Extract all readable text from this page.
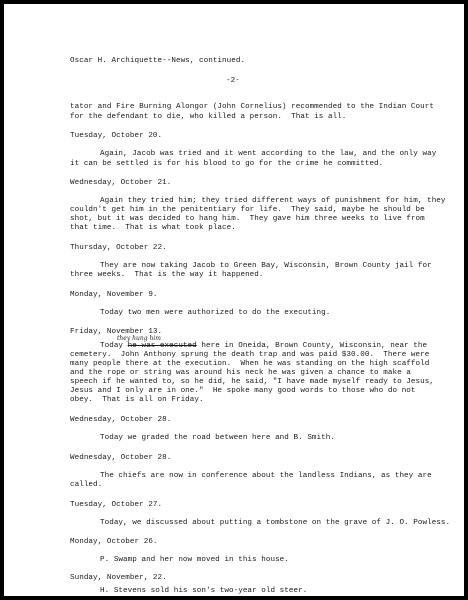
Oscar H. Archiquette--News, continued.
-2-
tator and Fire Burning Alongor (John Cornelius) recommended to the Indian Court
for the defendant to die, who killed a person.  That is all.
Tuesday, October 20.
Again, Jacob was tried and it went according to the law, and the only way
it can be settled is for his blood to go for the crime he committed.
Wednesday, October 21.
Again they tried him; they tried different ways of punishment for him, they
couldn't get him in the penitentiary for life.  They said, maybe he should be
shot, but it was decided to hang him.  They gave him three weeks to live from
that time.  That is what took place.
Thursday, October 22.
They are now taking Jacob to Green Bay, Wisconsin, Brown County jail for
three weeks.  That is the way it happened.
Monday, November 9.
Today two men were authorized to do the executing.
Friday, November 13.
they hung him
Today he was executed here in Oneida, Brown County, Wisconsin, near the
cemetery.  John Anthony sprung the death trap and was paid $30.00.  There were
many people there at the execution.  When he was standing on the high scaffold
and the rope or string was around his neck he was given a chance to make a
speech if he wanted to, so he did, he said, "I have made myself ready to Jesus,
Jesus and I only are in one."  He spoke many good words to those who do not
obey.  That is all on Friday.
Wednesday, October 28.
Today we graded the road between here and B. Smith.
Wednesday, October 28.
The chiefs are now in conference about the landless Indians, as they are
called.
Tuesday, October 27.
Today, we discussed about putting a tombstone on the grave of J. O. Powless.
Monday, October 26.
P. Swamp and her now moved in this house.
Sunday, November, 22.
H. Stevens sold his son's two-year old steer.
